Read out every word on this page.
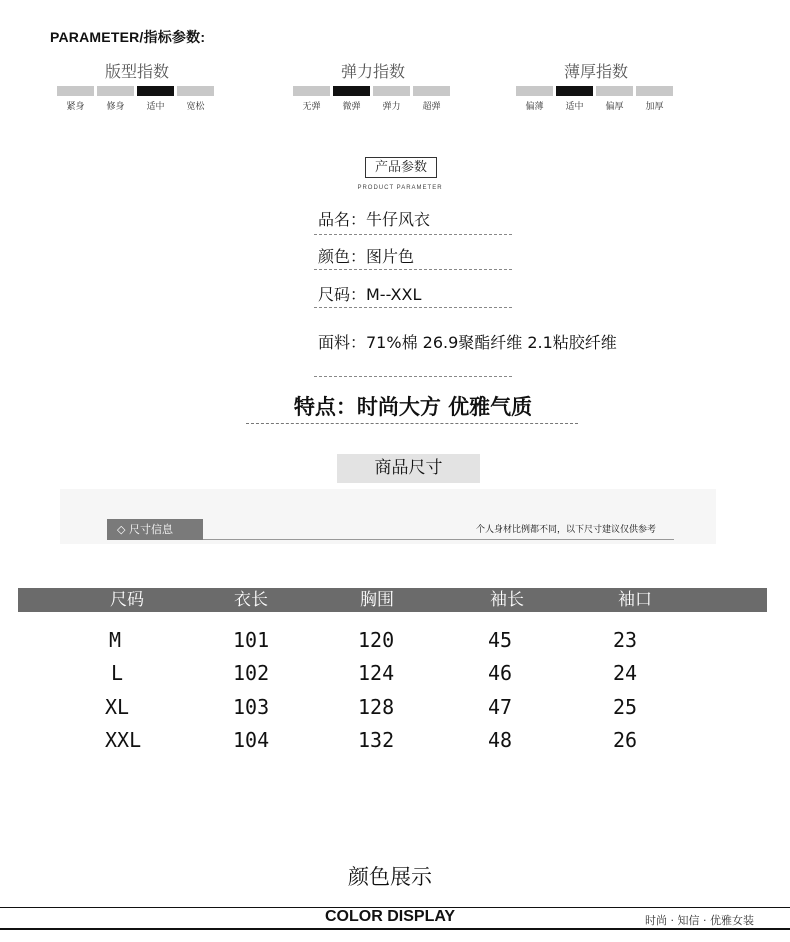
PARAMETER/指标参数:
版型指数
紧身	修身	适中	宽松
弹力指数
无弹	微弹	弹力	超弹
薄厚指数
偏薄	适中	偏厚	加厚
产品参数
PRODUCT PARAMETER
品名：牛仔风衣
颜色：图片色
尺码：M--XXL
面料：71%棉 26.9聚酯纤维 2.1粘胶纤维
特点：时尚大方 优雅气质
商品尺寸
◇ 尺寸信息	个人身材比例都不同，以下尺寸建议仅供参考
尺码	衣长	胸围	袖长	袖口
M	101	120	45	23
L	102	124	46	24
XL	103	128	47	25
XXL	104	132	48	26
颜色展示
COLOR DISPLAY	时尚 · 知信 · 优雅女装
